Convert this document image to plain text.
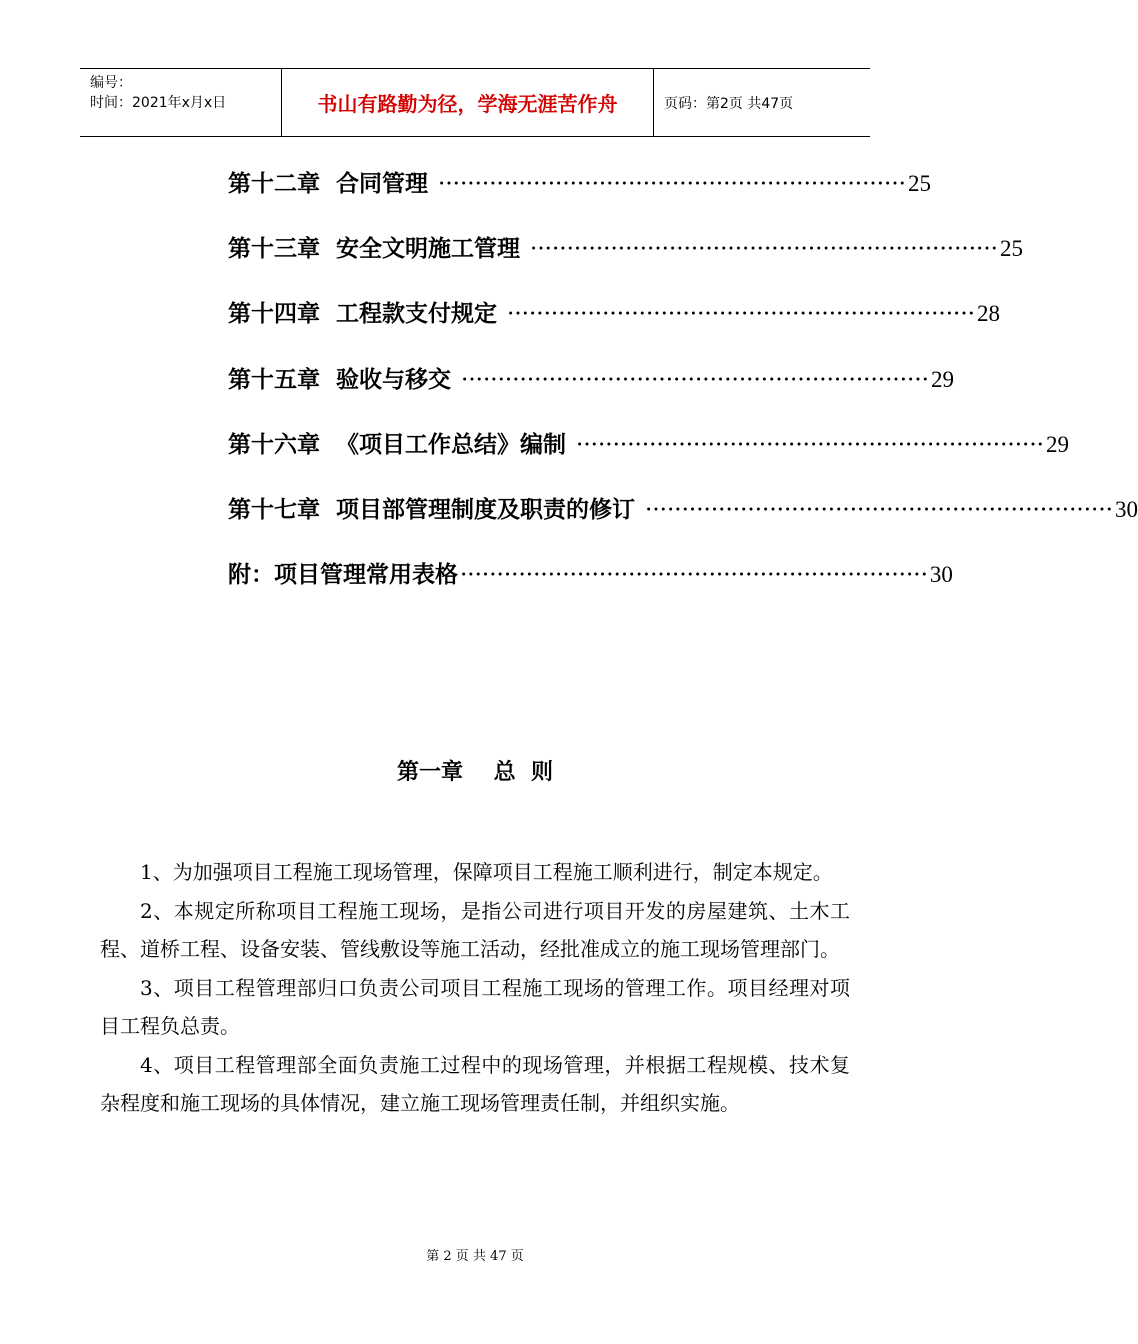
编号：
时间：2021年x月x日	书山有路勤为径，学海无涯苦作舟	页码：第2页 共47页
第十二章  合同管理 ································································ 25
第十三章  安全文明施工管理 ································································ 25
第十四章  工程款支付规定 ································································ 28
第十五章  验收与移交 ································································ 29
第十六章  《项目工作总结》编制 ································································ 29
第十七章  项目部管理制度及职责的修订 ································································ 30
附：项目管理常用表格 ································································ 30
第一章    总  则

1、为加强项目工程施工现场管理，保障项目工程施工顺利进行，制定本规定。

2、本规定所称项目工程施工现场，是指公司进行项目开发的房屋建筑、土木工程、道桥工程、设备安装、管线敷设等施工活动，经批准成立的施工现场管理部门。

3、项目工程管理部归口负责公司项目工程施工现场的管理工作。项目经理对项目工程负总责。

4、项目工程管理部全面负责施工过程中的现场管理，并根据工程规模、技术复杂程度和施工现场的具体情况，建立施工现场管理责任制，并组织实施。

第 2 页 共 47 页
